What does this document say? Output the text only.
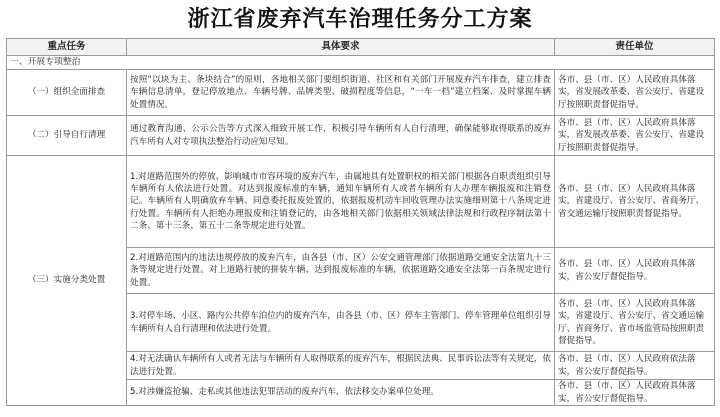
浙江省废弃汽车治理任务分工方案
重点任务	具体要求	责任单位
一、开展专项整治		
（一）组织全面排查	按照“以块为主、条块结合”的原则，各地相关部门要组织街道、社区和有关部门开展废弃汽车排查，建立排查车辆信息清单，登记停放地点、车辆号牌、品牌类型、破损程度等信息，“一车一档”建立档案、及时掌握车辆处置情况。	各市、县（市、区）人民政府具体落实，省发展改革委、省公安厅、省建设厅按照职责督促指导。
（二）引导自行清理	通过教育沟通、公示公告等方式深入细致开展工作，积极引导车辆所有人自行清理，确保能够取得联系的废弃汽车所有人对专项执法整治行动应知尽知。	各市、县（市、区）人民政府具体落实，省发展改革委、省公安厅、省建设厅按照职责督促指导。
（三）实施分类处置	1.对道路范围外的停放、影响城市市容环境的废弃汽车，由属地具有处置职权的相关部门根据各自职责组织引导车辆所有人依法进行处置。对达到报废标准的车辆，通知车辆所有人或者车辆所有人办理车辆报废和注销登记。车辆所有人明确放弃车辆、同意委托报废处置的，依据报废机动车回收管理办法实施细则第十八条规定进行处置。车辆所有人拒绝办理报废和注销登记的，由各地相关部门依据相关领域法律法规和行政程序制法第十二条、第十三条、第五十二条等规定进行处置。	各市、县（市、区）人民政府具体落实，省建设厅、省公安厅、省商务厅、省交通运输厅按照职责督促指导。
	2.对道路范围内的违法违规停放的废弃汽车，由各县（市、区）公安交通管理部门依据道路交通安全法第九十三条等规定进行处置。对上道路行驶的拼装车辆、达到报废标准的车辆，依据道路交通安全法第一百条规定进行处置。	各市、县（市、区）人民政府具体落实，省公安厅督促指导。
	3.对停车场、小区、路内公共停车泊位内的废弃汽车，由各县（市、区）停车主管部门、停车管理单位组织引导车辆所有人自行清理和依法进行处置。	各市、县（市、区）人民政府具体落实，省建设厅、省公安厅、省交通运输厅、省商务厅、省市场监管局按照职责督促指导。
	4.对无法确认车辆所有人或者无法与车辆所有人取得联系的废弃汽车，根据民法典、民事诉讼法等有关规定，依法进行处置。	各市、县（市、区）人民政府依法落实，省公安厅督促指导。
	5.对涉嫌盗抢骗、走私或其他违法犯罪活动的废弃汽车，依法移交办案单位处理。	各市、县（市、区）人民政府具体落实，省公安厅督促指导。
